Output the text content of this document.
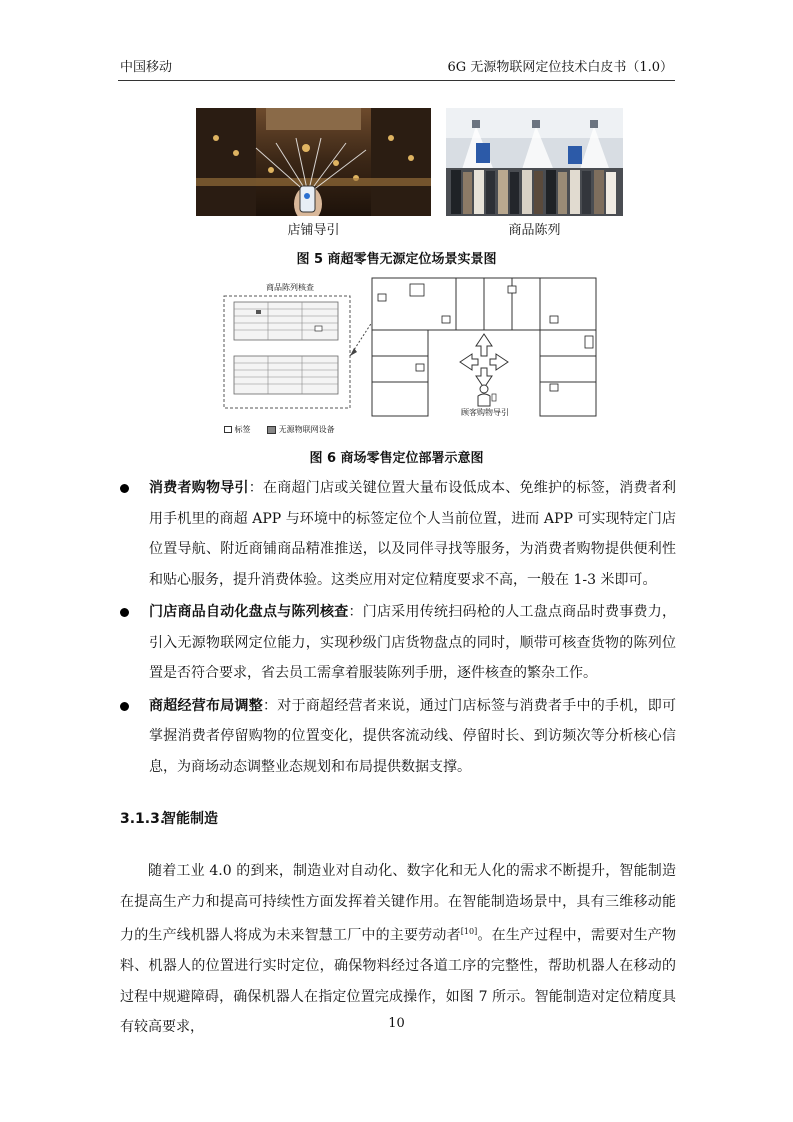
中国移动	6G 无源物联网定位技术白皮书（1.0）
店铺导引	商品陈列
图 5 商超零售无源定位场景实景图
商品陈列核查
顾客购物导引
标签	无源物联网设备
图 6 商场零售定位部署示意图
消费者购物导引：在商超门店或关键位置大量布设低成本、免维护的标签，消费者利用手机里的商超 APP 与环境中的标签定位个人当前位置，进而 APP 可实现特定门店位置导航、附近商铺商品精准推送，以及同伴寻找等服务，为消费者购物提供便利性和贴心服务，提升消费体验。这类应用对定位精度要求不高，一般在 1-3 米即可。
门店商品自动化盘点与陈列核查：门店采用传统扫码枪的人工盘点商品时费事费力，引入无源物联网定位能力，实现秒级门店货物盘点的同时，顺带可核查货物的陈列位置是否符合要求，省去员工需拿着服装陈列手册，逐件核查的繁杂工作。
商超经营布局调整：对于商超经营者来说，通过门店标签与消费者手中的手机，即可掌握消费者停留购物的位置变化，提供客流动线、停留时长、到访频次等分析核心信息，为商场动态调整业态规划和布局提供数据支撑。
3.1.3.智能制造
随着工业 4.0 的到来，制造业对自动化、数字化和无人化的需求不断提升，智能制造在提高生产力和提高可持续性方面发挥着关键作用。在智能制造场景中，具有三维移动能力的生产线机器人将成为未来智慧工厂中的主要劳动者[10]。在生产过程中，需要对生产物料、机器人的位置进行实时定位，确保物料经过各道工序的完整性，帮助机器人在移动的过程中规避障碍，确保机器人在指定位置完成操作，如图 7 所示。智能制造对定位精度具有较高要求，	10
